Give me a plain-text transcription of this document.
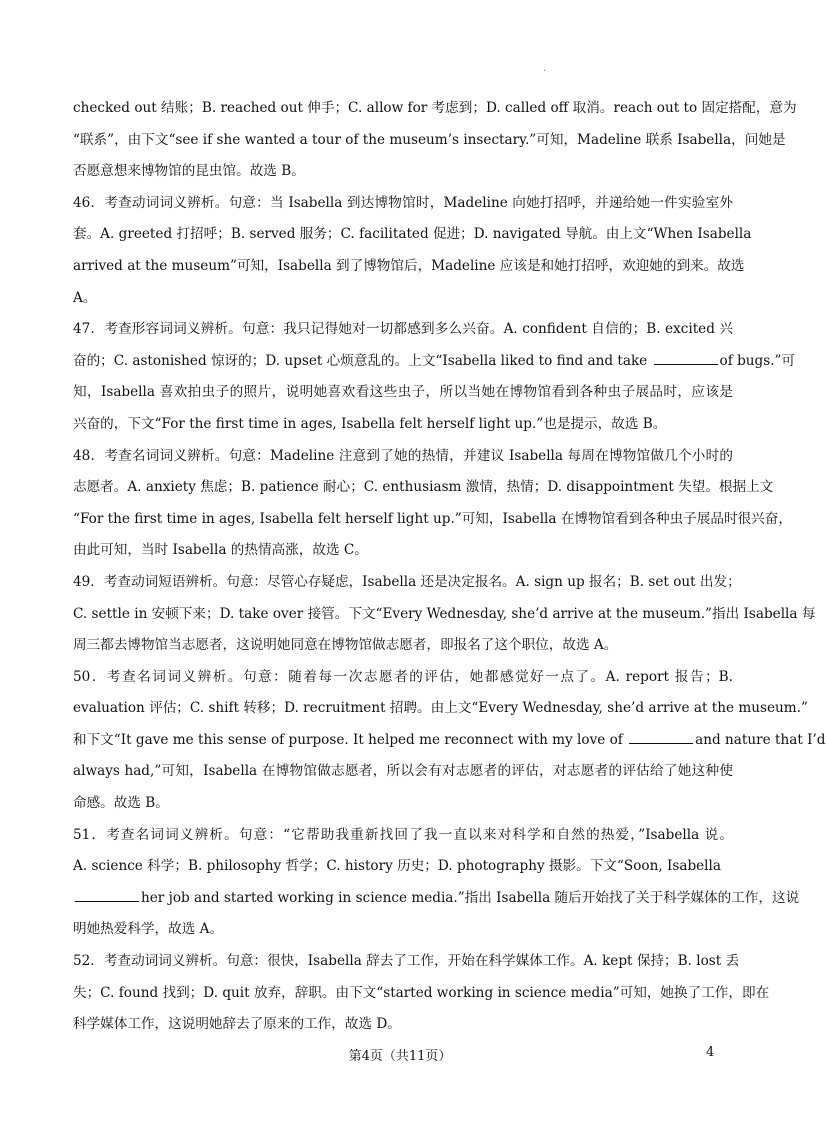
·
checked out 结账；B. reached out 伸手；C. allow for 考虑到；D. called off 取消。reach out to 固定搭配，意为
“联系”，由下文“see if she wanted a tour of the museum’s insectary.”可知，Madeline 联系 Isabella，问她是
否愿意想来博物馆的昆虫馆。故选 B。
46．考查动词词义辨析。句意：当 Isabella 到达博物馆时，Madeline 向她打招呼，并递给她一件实验室外
套。A. greeted 打招呼；B. served 服务；C. facilitated 促进；D. navigated 导航。由上文“When Isabella
arrived at the museum”可知，Isabella 到了博物馆后，Madeline 应该是和她打招呼，欢迎她的到来。故选
A。
47．考查形容词词义辨析。句意：我只记得她对一切都感到多么兴奋。A. confident 自信的；B. excited 兴
奋的；C. astonished 惊讶的；D. upset 心烦意乱的。上文“Isabella liked to find and take	of bugs.”可
知，Isabella 喜欢拍虫子的照片，说明她喜欢看这些虫子，所以当她在博物馆看到各种虫子展品时，应该是
兴奋的，下文“For the first time in ages, Isabella felt herself light up.”也是提示，故选 B。
48．考查名词词义辨析。句意：Madeline 注意到了她的热情，并建议 Isabella 每周在博物馆做几个小时的
志愿者。A. anxiety 焦虑；B. patience 耐心；C. enthusiasm 激情，热情；D. disappointment 失望。根据上文
“For the first time in ages, Isabella felt herself light up.”可知，Isabella 在博物馆看到各种虫子展品时很兴奋，
由此可知，当时 Isabella 的热情高涨，故选 C。
49．考查动词短语辨析。句意：尽管心存疑虑，Isabella 还是决定报名。A. sign up 报名；B. set out 出发；
C. settle in 安顿下来；D. take over 接管。下文“Every Wednesday, she’d arrive at the museum.”指出 Isabella 每
周三都去博物馆当志愿者，这说明她同意在博物馆做志愿者，即报名了这个职位，故选 A。
50．考查名词词义辨析。句意：随着每一次志愿者的评估，她都感觉好一点了。A. report 报告；B.
evaluation 评估；C. shift 转移；D. recruitment 招聘。由上文“Every Wednesday, she’d arrive at the museum.”
和下文“It gave me this sense of purpose. It helped me reconnect with my love of	and nature that I’d
always had,”可知，Isabella 在博物馆做志愿者，所以会有对志愿者的评估，对志愿者的评估给了她这种使
命感。故选 B。
51．考查名词词义辨析。句意：“它帮助我重新找回了我一直以来对科学和自然的热爱，”Isabella 说。
A. science 科学；B. philosophy 哲学；C. history 历史；D. photography 摄影。下文“Soon, Isabella
her job and started working in science media.”指出 Isabella 随后开始找了关于科学媒体的工作，这说
明她热爱科学，故选 A。
52．考查动词词义辨析。句意：很快，Isabella 辞去了工作，开始在科学媒体工作。A. kept 保持；B. lost 丢
失；C. found 找到；D. quit 放弃，辞职。由下文“started working in science media”可知，她换了工作，即在
科学媒体工作，这说明她辞去了原来的工作，故选 D。
第4页（共11页）	4
